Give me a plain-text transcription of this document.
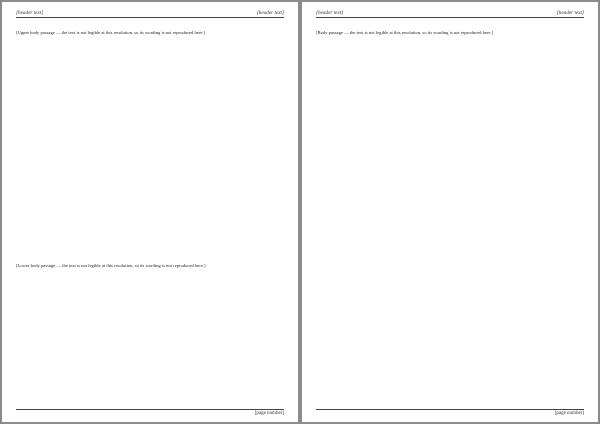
[header text]	[header text]

[Upper body passage — the text is not legible at this resolution, so its wording is not reproduced here.]

[Lower body passage — the text is not legible at this resolution, so its wording is not reproduced here.]

[page number]
[header text]	[header text]

[Body passage — the text is not legible at this resolution, so its wording is not reproduced here.]

[page number]
